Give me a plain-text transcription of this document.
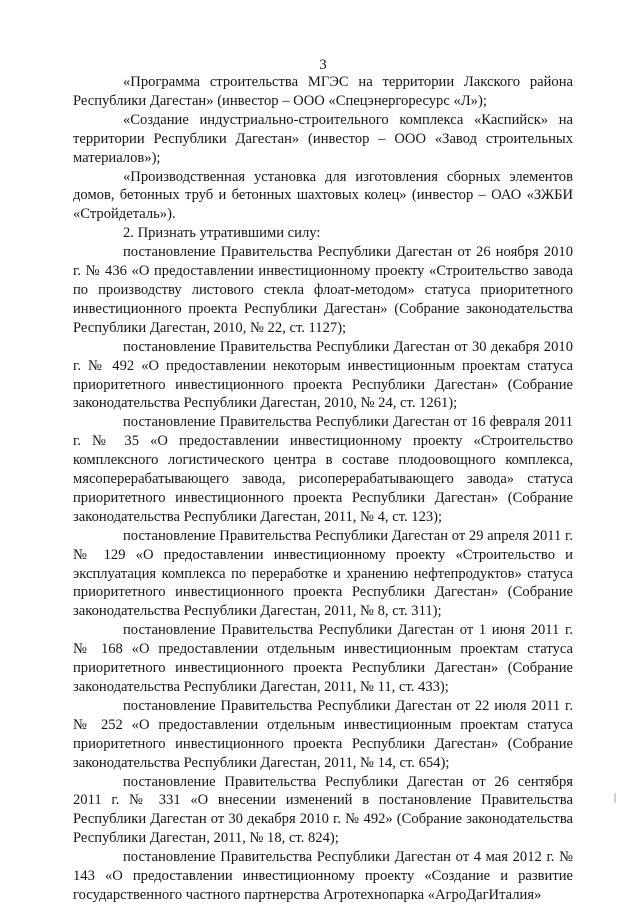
3

«Программа строительства МГЭС на территории Лакского района Республики Дагестан» (инвестор – ООО «Спецэнергоресурс «Л»);

«Создание индустриально-строительного комплекса «Каспийск» на территории Республики Дагестан» (инвестор – ООО «Завод строительных материалов»);

«Производственная установка для изготовления сборных элементов домов, бетонных труб и бетонных шахтовых колец» (инвестор – ОАО «ЗЖБИ «Стройдеталь»).

2. Признать утратившими силу:

постановление Правительства Республики Дагестан от 26 ноября 2010 г. № 436 «О предоставлении инвестиционному проекту «Строительство завода по производству листового стекла флоат-методом» статуса приоритетного инвестиционного проекта Республики Дагестан» (Собрание законодательства Республики Дагестан, 2010, № 22, ст. 1127);

постановление Правительства Республики Дагестан от 30 декабря 2010 г. № 492 «О предоставлении некоторым инвестиционным проектам статуса приоритетного инвестиционного проекта Республики Дагестан» (Собрание законодательства Республики Дагестан, 2010, № 24, ст. 1261);

постановление Правительства Республики Дагестан от 16 февраля 2011 г. № 35 «О предоставлении инвестиционному проекту «Строительство комплексного логистического центра в составе плодоовощного комплекса, мясоперерабатывающего завода, рисоперерабатывающего завода» статуса приоритетного инвестиционного проекта Республики Дагестан» (Собрание законодательства Республики Дагестан, 2011, № 4, ст. 123);

постановление Правительства Республики Дагестан от 29 апреля 2011 г. № 129 «О предоставлении инвестиционному проекту «Строительство и эксплуатация комплекса по переработке и хранению нефтепродуктов» статуса приоритетного инвестиционного проекта Республики Дагестан» (Собрание законодательства Республики Дагестан, 2011, № 8, ст. 311);

постановление Правительства Республики Дагестан от 1 июня 2011 г. № 168 «О предоставлении отдельным инвестиционным проектам статуса приоритетного инвестиционного проекта Республики Дагестан» (Собрание законодательства Республики Дагестан, 2011, № 11, ст. 433);

постановление Правительства Республики Дагестан от 22 июля 2011 г. № 252 «О предоставлении отдельным инвестиционным проектам статуса приоритетного инвестиционного проекта Республики Дагестан» (Собрание законодательства Республики Дагестан, 2011, № 14, ст. 654);

постановление Правительства Республики Дагестан от 26 сентября 2011 г. № 331 «О внесении изменений в постановление Правительства Республики Дагестан от 30 декабря 2010 г. № 492» (Собрание законодательства Республики Дагестан, 2011, № 18, ст. 824);

постановление Правительства Республики Дагестан от 4 мая 2012 г. № 143 «О предоставлении инвестиционному проекту «Создание и развитие государственного частного партнерства Агротехнопарка «АгроДагИталия»
